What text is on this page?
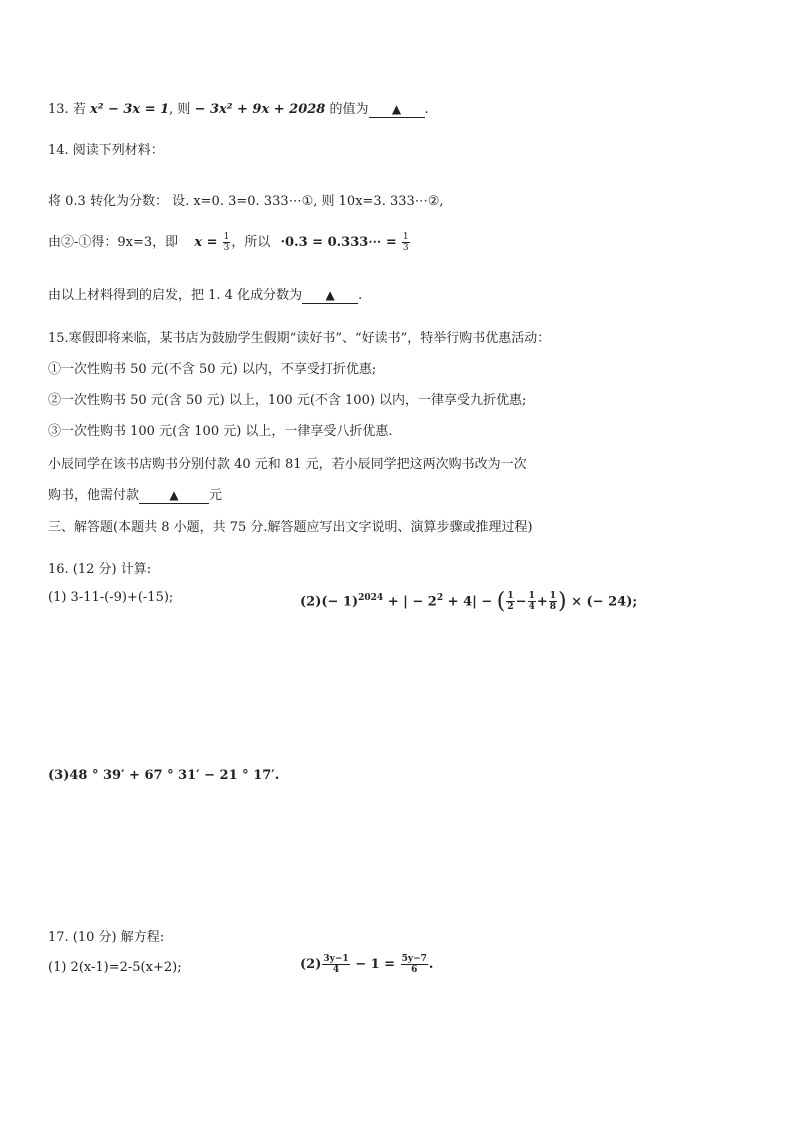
13. 若 x² − 3x = 1, 则 − 3x² + 9x + 2028 的值为 ▲ .
14. 阅读下列材料：
将 0.3 转化为分数： 设. x=0. 3=0. 333⋯①, 则 10x=3. 333⋯②,
由②-①得：9x=3，即 $x = \frac{1}{3}$ ，所以 ·0.3 = 0.333⋯ = $\frac{1}{3}$
由以上材料得到的启发，把 1. 4 化成分数为 ▲ .
15.寒假即将来临，某书店为鼓励学生假期“读好书”、“好读书”，特举行购书优惠活动：
①一次性购书 50 元(不含 50 元) 以内，不享受打折优惠;
②一次性购书 50 元(含 50 元) 以上，100 元(不含 100) 以内，一律享受九折优惠;
③一次性购书 100 元(含 100 元) 以上，一律享受八折优惠.
小辰同学在该书店购书分别付款 40 元和 81 元，若小辰同学把这两次购书改为一次
购书，他需付款	▲ 元
三、解答题(本题共 8 小题，共 75 分.解答题应写出文字说明、演算步骤或推理过程)
16. (12 分) 计算:
(1) 3-11-(-9)+(-15);	$(2)(- 1)^{2024}$ + | − $2^2 + 4|$ − ( $\frac{1}{2} - \frac{1}{4} + \frac{1}{8}$ ) × (− 24);
(3)48 ° 39′ + 67 ° 31′ − 21 ° 17′.
17. (10 分) 解方程:
(1) 2(x-1)=2-5(x+2);	$(2) \frac{3y-1}{4} - 1 = \frac{5y-7}{6}$ .
